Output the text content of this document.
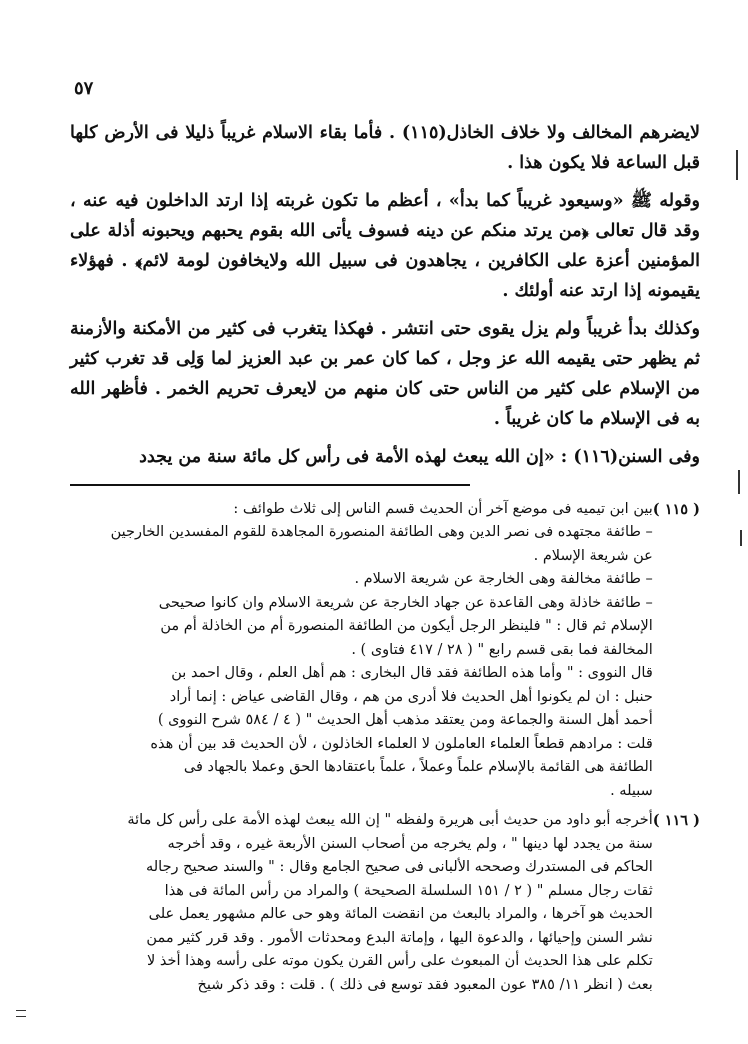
٥٧

لايضرهم المخالف ولا خلاف الخاذل(١١٥) . فأما بقاء الاسلام غريباً ذليلا فى الأرض كلها قبل الساعة فلا يكون هذا .

وقوله ﷺ «وسيعود غريباً كما بدأ» ، أعظم ما تكون غربته إذا ارتد الداخلون فيه عنه ، وقد قال تعالى ﴿من يرتد منكم عن دينه فسوف يأتى الله بقوم يحبهم ويحبونه أذلة على المؤمنين أعزة على الكافرين ، يجاهدون فى سبيل الله ولايخافون لومة لائم﴾ . فهؤلاء يقيمونه إذا ارتد عنه أولئك .

وكذلك بدأ غريباً ولم يزل يقوى حتى انتشر . فهكذا يتغرب فى كثير من الأمكنة والأزمنة ثم يظهر حتى يقيمه الله عز وجل ، كما كان عمر بن عبد العزيز لما وَلِى قد تغرب كثير من الإسلام على كثير من الناس حتى كان منهم من لايعرف تحريم الخمر . فأظهر الله به فى الإسلام ما كان غريباً .

وفى السنن(١١٦) : «إن الله يبعث لهذه الأمة فى رأس كل مائة سنة من يجدد

( ١١٥ )
بين ابن تيميه فى موضع آخر أن الحديث قسم الناس إلى ثلاث طوائف :
– طائفة مجتهده فى نصر الدين وهى الطائفة المنصورة المجاهدة للقوم المفسدين الخارجين
عن شريعة الإسلام .
– طائفة مخالفة وهى الخارجة عن شريعة الاسلام .
– طائفة خاذلة وهى القاعدة عن جهاد الخارجة عن شريعة الاسلام وان كانوا صحيحى
الإسلام ثم قال : " فلينظر الرجل أيكون من الطائفة المنصورة أم من الخاذلة أم من
المخالفة فما بقى قسم رابع " ( ٢٨ / ٤١٧ فتاوى ) .
قال النووى : " وأما هذه الطائفة فقد قال البخارى : هم أهل العلم ، وقال احمد بن
حنبل : ان لم يكونوا أهل الحديث فلا أدرى من هم ، وقال القاضى عياض : إنما أراد
أحمد أهل السنة والجماعة ومن يعتقد مذهب أهل الحديث " ( ٤ / ٥٨٤ شرح النووى )
قلت : مرادهم قطعاً العلماء العاملون لا العلماء الخاذلون ، لأن الحديث قد بين أن هذه
الطائفة هى القائمة بالإسلام علماً وعملاً ، علماً باعتقادها الحق وعملا بالجهاد فى
سبيله .
( ١١٦ )
أخرجه أبو داود من حديث أبى هريرة ولفظه " إن الله يبعث لهذه الأمة على رأس كل مائة
سنة من يجدد لها دينها " ، ولم يخرجه من أصحاب السنن الأربعة غيره ، وقد أخرجه
الحاكم فى المستدرك وصححه الألبانى فى صحيح الجامع وقال : " والسند صحيح رجاله
ثقات رجال مسلم " ( ٢ / ١٥١ السلسلة الصحيحة ) والمراد من رأس المائة فى هذا
الحديث هو آخرها ، والمراد بالبعث من انقضت المائة وهو حى عالم مشهور يعمل على
نشر السنن وإحيائها ، والدعوة اليها ، وإماتة البدع ومحدثات الأمور . وقد قرر كثير ممن
تكلم على هذا الحديث أن المبعوث على رأس القرن يكون موته على رأسه وهذا أخذ لا
بعث ( انظر ١١/ ٣٨٥ عون المعبود فقد توسع فى ذلك ) . قلت : وقد ذكر شيخ
